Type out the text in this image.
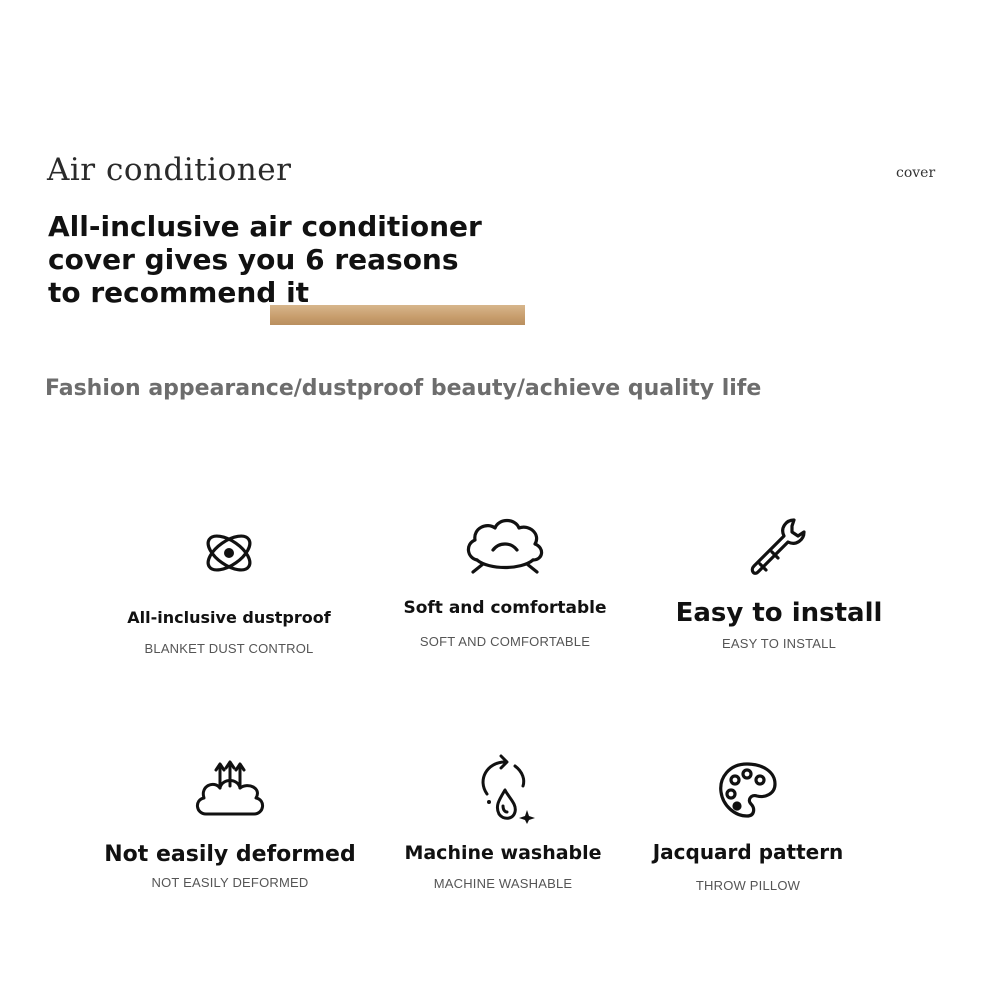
Air conditioner	cover
All-inclusive air conditioner
cover gives you 6 reasons
to recommend it

Fashion appearance/dustproof beauty/achieve quality life

All-inclusive dustproof
BLANKET DUST CONTROL
Soft and comfortable
SOFT AND COMFORTABLE
Easy to install
EASY TO INSTALL
Not easily deformed
NOT EASILY DEFORMED
Machine washable
MACHINE WASHABLE
Jacquard pattern
THROW PILLOW
